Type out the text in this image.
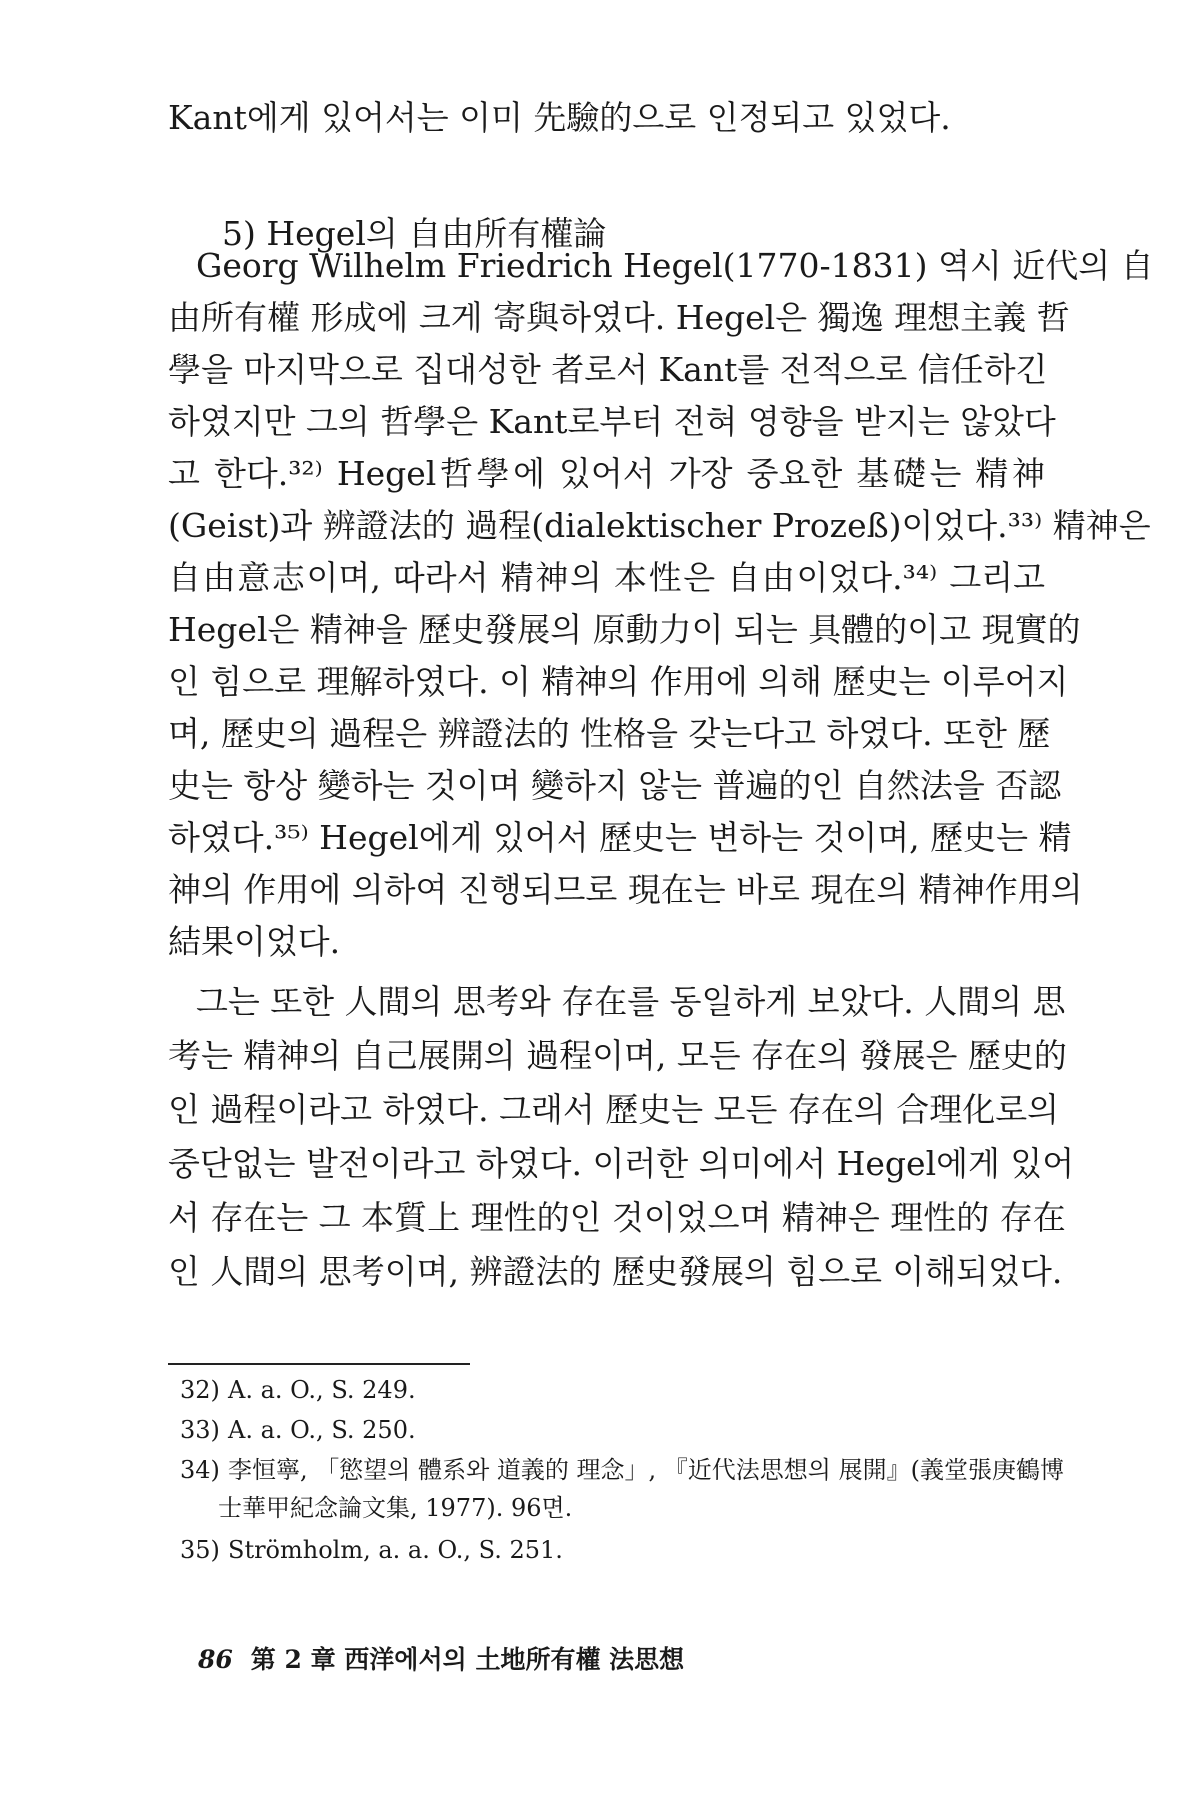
Kant에게 있어서는 이미 先驗的으로 인정되고 있었다.
5) Hegel의 自由所有權論
Georg Wilhelm Friedrich Hegel(1770-1831) 역시 近代의 自
由所有權 形成에 크게 寄與하였다. Hegel은 獨逸 理想主義 哲
學을 마지막으로 집대성한 者로서 Kant를 전적으로 信任하긴
하였지만 그의 哲學은 Kant로부터 전혀 영향을 받지는 않았다
고 한다.³²⁾ Hegel哲學에 있어서 가장 중요한 基礎는 精神
(Geist)과 辨證法的 過程(dialektischer Prozeß)이었다.³³⁾ 精神은
自由意志이며, 따라서 精神의 本性은 自由이었다.³⁴⁾ 그리고
Hegel은 精神을 歷史發展의 原動力이 되는 具體的이고 現實的
인 힘으로 理解하였다. 이 精神의 作用에 의해 歷史는 이루어지
며, 歷史의 過程은 辨證法的 性格을 갖는다고 하였다. 또한 歷
史는 항상 變하는 것이며 變하지 않는 普遍的인 自然法을 否認
하였다.³⁵⁾ Hegel에게 있어서 歷史는 변하는 것이며, 歷史는 精
神의 作用에 의하여 진행되므로 現在는 바로 現在의 精神作用의
結果이었다.
그는 또한 人間의 思考와 存在를 동일하게 보았다. 人間의 思
考는 精神의 自己展開의 過程이며, 모든 存在의 發展은 歷史的
인 過程이라고 하였다. 그래서 歷史는 모든 存在의 合理化로의
중단없는 발전이라고 하였다. 이러한 의미에서 Hegel에게 있어
서 存在는 그 本質上 理性的인 것이었으며 精神은 理性的 存在
인 人間의 思考이며, 辨證法的 歷史發展의 힘으로 이해되었다.
32) A. a. O., S. 249.
33) A. a. O., S. 250.
34) 李恒寧, 「慾望의 體系와 道義的 理念」, 『近代法思想의 展開』(義堂張庚鶴博
士華甲紀念論文集, 1977). 96면.
35) Strömholm, a. a. O., S. 251.
86 第 2 章 西洋에서의 土地所有權 法思想
